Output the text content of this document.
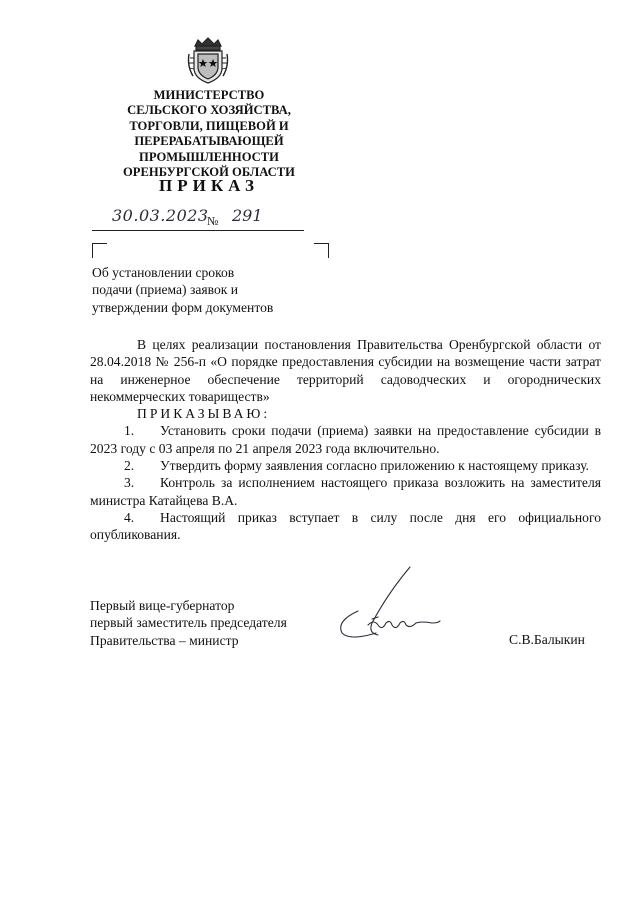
МИНИСТЕРСТВО
СЕЛЬСКОГО ХОЗЯЙСТВА,
ТОРГОВЛИ, ПИЩЕВОЙ И
ПЕРЕРАБАТЫВАЮЩЕЙ
ПРОМЫШЛЕННОСТИ
ОРЕНБУРГСКОЙ ОБЛАСТИ
ПРИКАЗ
30.03.2023
№ 291
Об установлении сроков
подачи (приема) заявок и
утверждении форм документов

В целях реализации постановления Правительства Оренбургской области от 28.04.2018 № 256-п «О порядке предоставления субсидии на возмещение части затрат на инженерное обеспечение территорий садоводческих и огороднических некоммерческих товариществ»

ПРИКАЗЫВАЮ:

1. Установить сроки подачи (приема) заявки на предоставление субсидии в 2023 году с 03 апреля по 21 апреля 2023 года включительно.

2. Утвердить форму заявления согласно приложению к настоящему приказу.

3. Контроль за исполнением настоящего приказа возложить на заместителя министра Катайцева В.А.

4. Настоящий приказ вступает в силу после дня его официального опубликования.

Первый вице-губернатор
первый заместитель председателя
Правительства – министр	С.В.Балыкин
